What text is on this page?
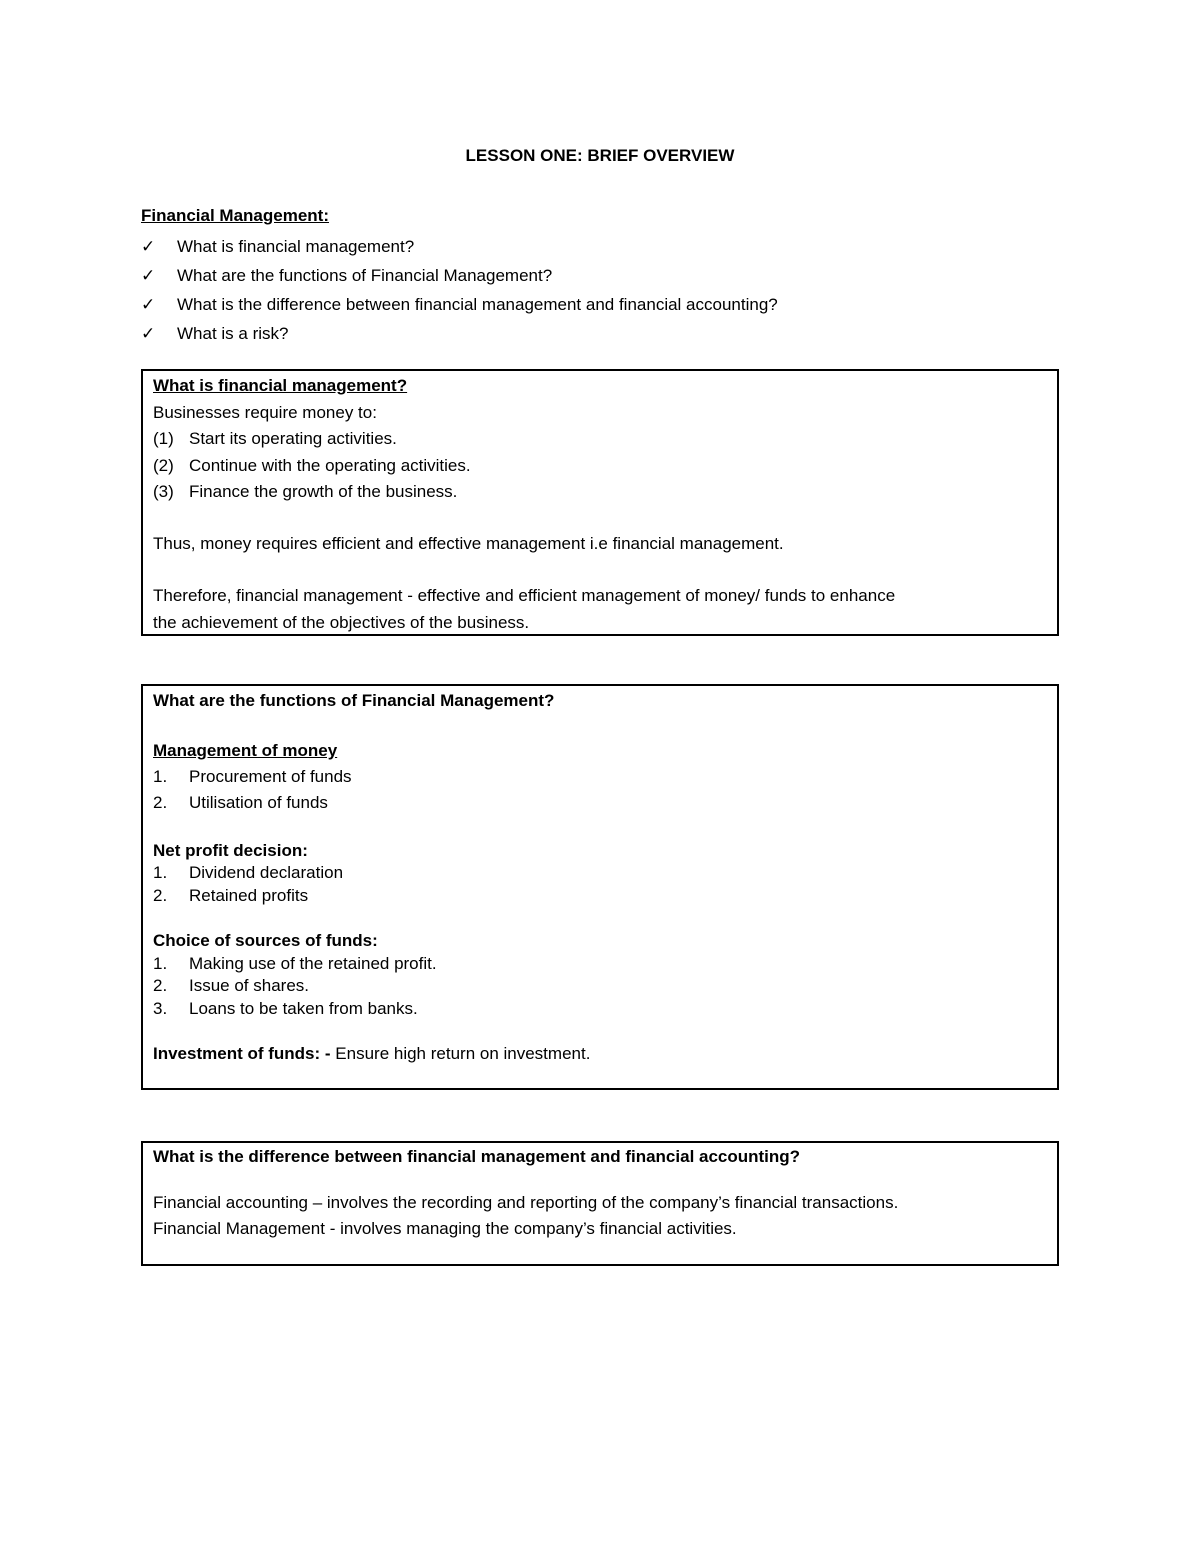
LESSON ONE: BRIEF OVERVIEW
Financial Management:
✓ What is financial management?
✓ What are the functions of Financial Management?
✓ What is the difference between financial management and financial accounting?
✓ What is a risk?
What is financial management?
Businesses require money to:
(1) Start its operating activities.
(2) Continue with the operating activities.
(3) Finance the growth of the business.
Thus, money requires efficient and effective management i.e financial management.
Therefore, financial management - effective and efficient management of money/ funds to enhance
the achievement of the objectives of the business.
What are the functions of Financial Management?
Management of money
1. Procurement of funds
2. Utilisation of funds
Net profit decision:
1. Dividend declaration
2. Retained profits
Choice of sources of funds:
1. Making use of the retained profit.
2. Issue of shares.
3. Loans to be taken from banks.
Investment of funds: - Ensure high return on investment.
What is the difference between financial management and financial accounting?
Financial accounting – involves the recording and reporting of the company’s financial transactions.
Financial Management - involves managing the company’s financial activities.
